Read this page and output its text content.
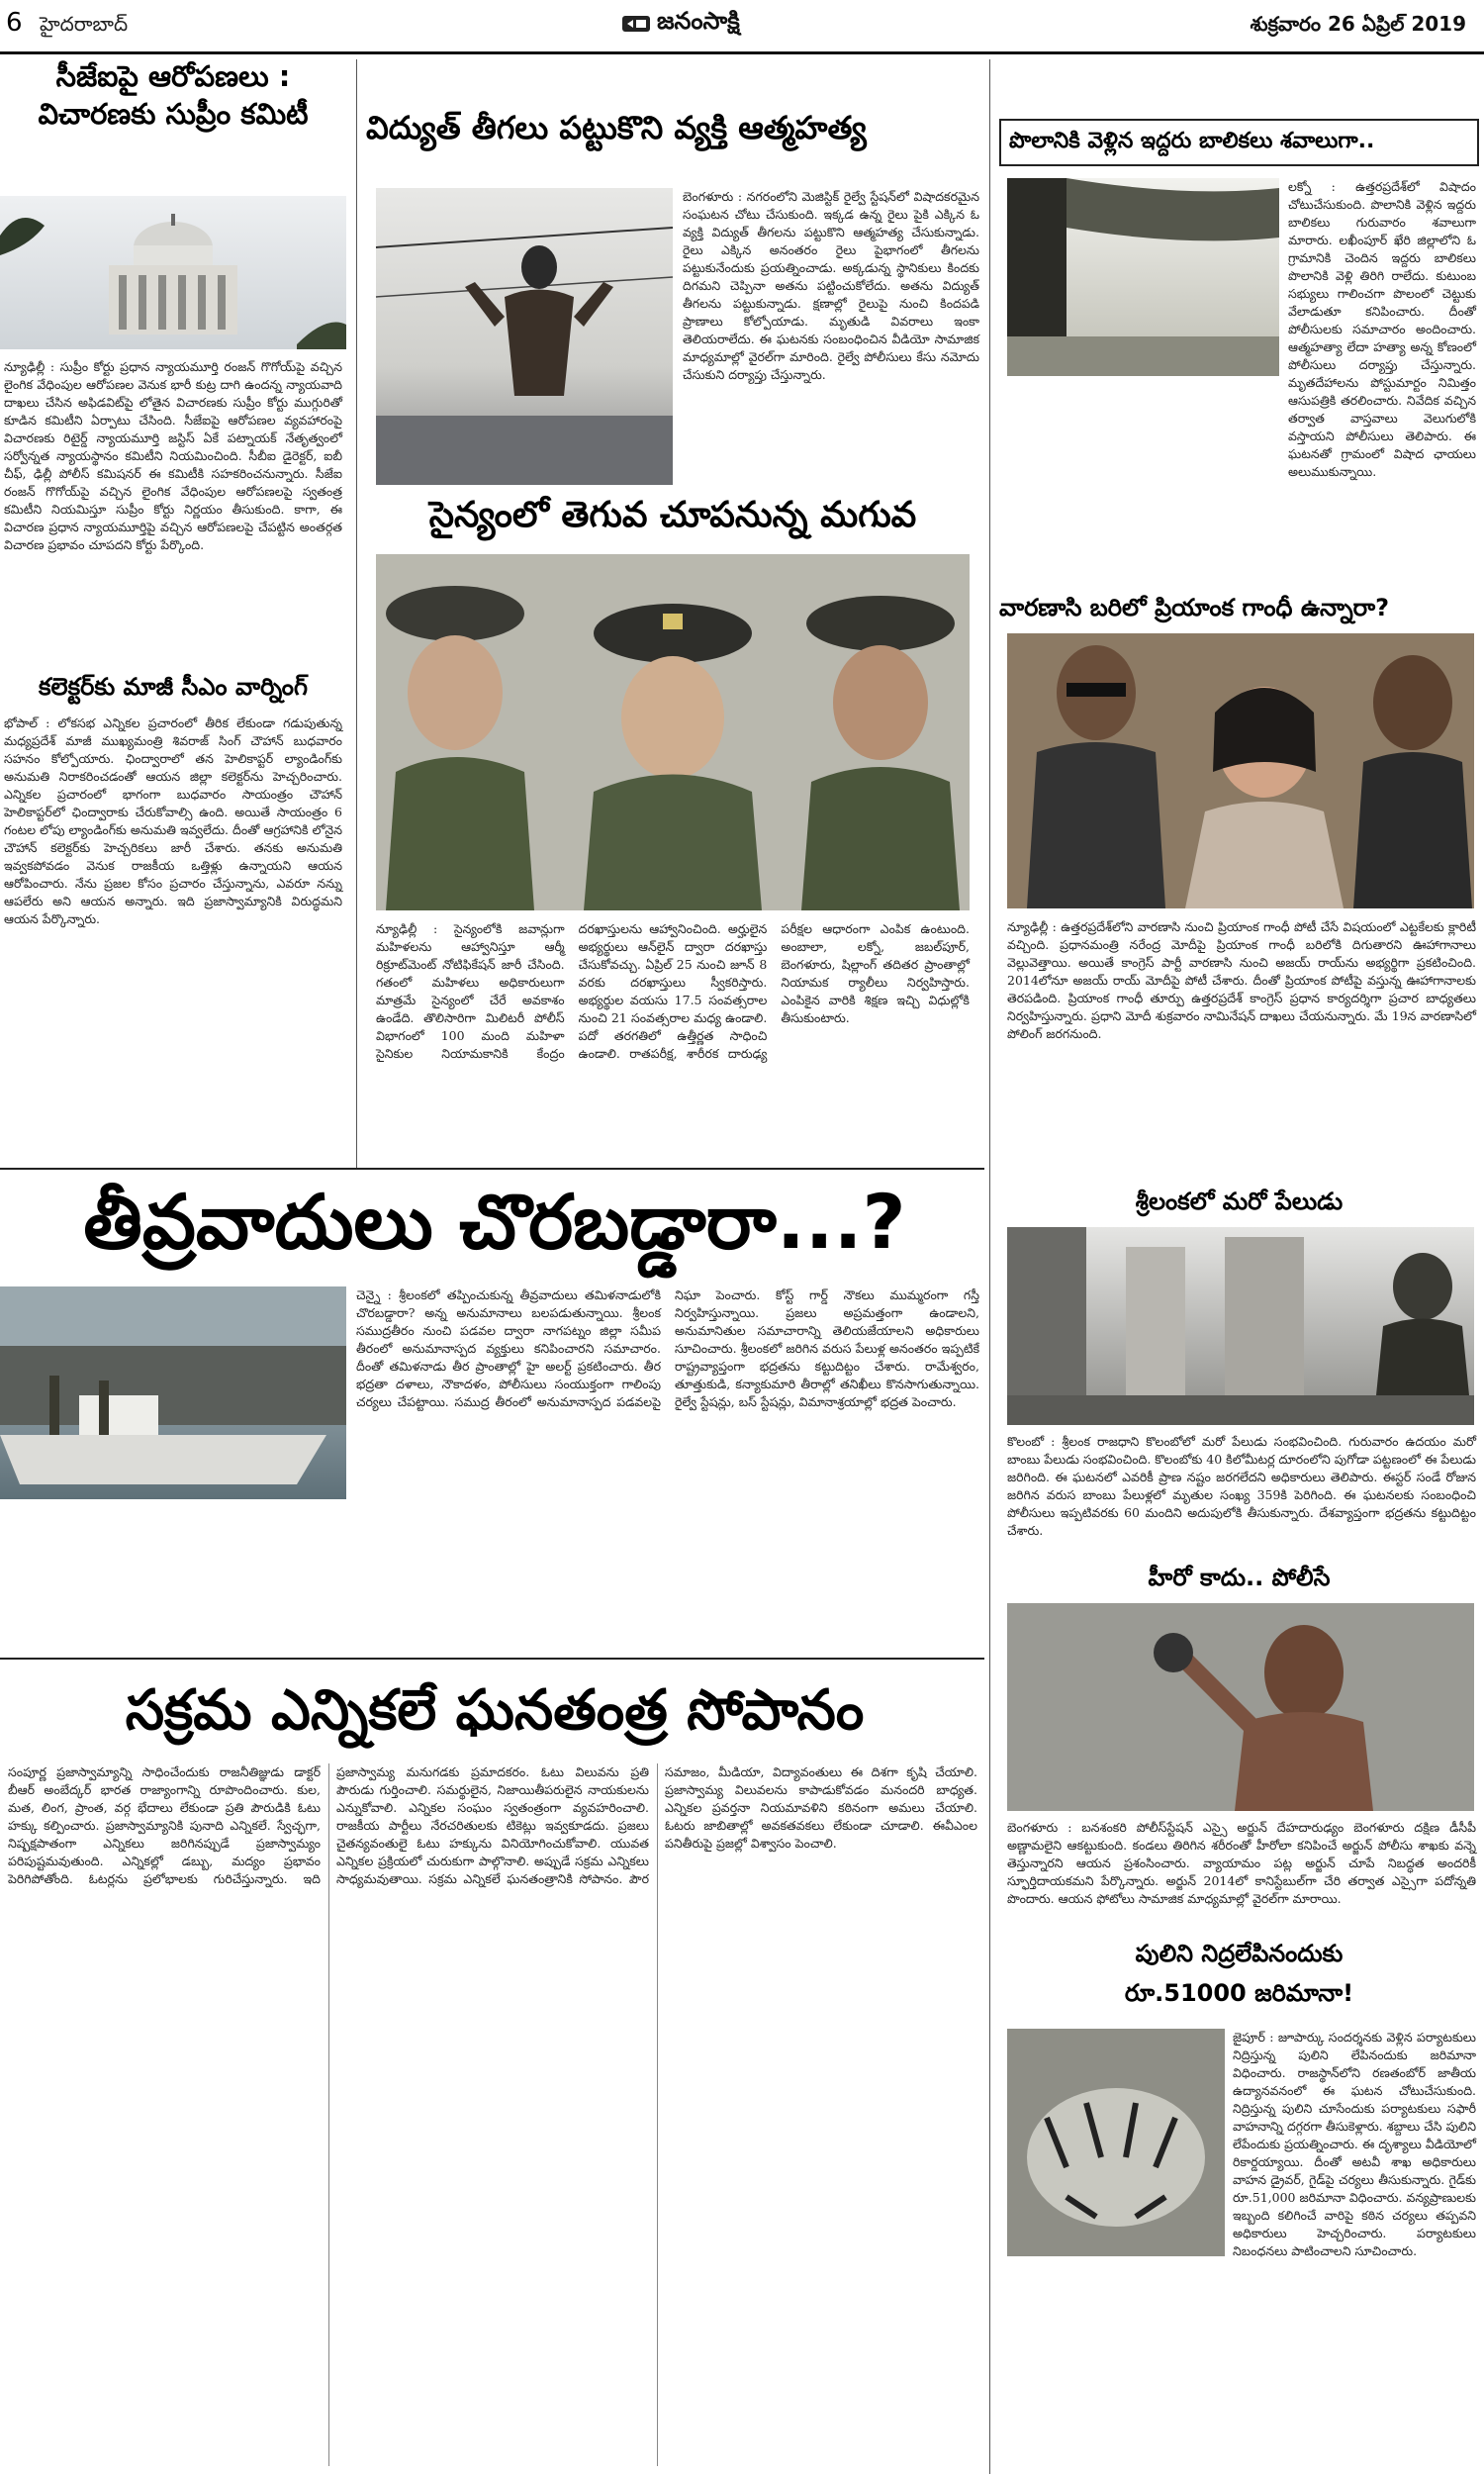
6 హైదరాబాద్	జనంసాక్షి	శుక్రవారం 26 ఏప్రిల్ 2019
సీజేఐపై ఆరోపణలు :
విచారణకు సుప్రీం కమిటీ
న్యూఢిల్లీ : సుప్రీం కోర్టు ప్రధాన న్యాయమూర్తి రంజన్ గొగోయ్‌పై వచ్చిన లైంగిక వేధింపుల ఆరోపణల వెనుక భారీ కుట్ర దాగి ఉందన్న న్యాయవాది దాఖలు చేసిన అఫిడవిట్‌పై లోతైన విచారణకు సుప్రీం కోర్టు ముగ్గురితో కూడిన కమిటీని ఏర్పాటు చేసింది. సీజేఐపై ఆరోపణల వ్యవహారంపై విచారణకు రిటైర్డ్ న్యాయమూర్తి జస్టిస్ ఏకే పట్నాయక్ నేతృత్వంలో సర్వోన్నత న్యాయస్థానం కమిటీని నియమించింది. సీబీఐ డైరెక్టర్, ఐబీ చీఫ్, ఢిల్లీ పోలీస్ కమిషనర్ ఈ కమిటీకి సహకరించనున్నారు. సీజేఐ రంజన్ గొగోయ్‌పై వచ్చిన లైంగిక వేధింపుల ఆరోపణలపై స్వతంత్ర కమిటీని నియమిస్తూ సుప్రీం కోర్టు నిర్ణయం తీసుకుంది. కాగా, ఈ విచారణ ప్రధాన న్యాయమూర్తిపై వచ్చిన ఆరోపణలపై చేపట్టిన అంతర్గత విచారణ ప్రభావం చూపదని కోర్టు పేర్కొంది.
కలెక్టర్‌కు మాజీ సీఎం వార్నింగ్
భోపాల్ : లోకసభ ఎన్నికల ప్రచారంలో తీరిక లేకుండా గడుపుతున్న మధ్యప్రదేశ్ మాజీ ముఖ్యమంత్రి శివరాజ్ సింగ్ చౌహాన్ బుధవారం సహనం కోల్పోయారు. ఛింద్వారాలో తన హెలికాప్టర్ ల్యాండింగ్‌కు అనుమతి నిరాకరించడంతో ఆయన జిల్లా కలెక్టర్‌ను హెచ్చరించారు. ఎన్నికల ప్రచారంలో భాగంగా బుధవారం సాయంత్రం చౌహాన్ హెలికాప్టర్‌లో ఛింద్వారాకు చేరుకోవాల్సి ఉంది. అయితే సాయంత్రం 6 గంటల లోపు ల్యాండింగ్‌కు అనుమతి ఇవ్వలేదు. దీంతో ఆగ్రహానికి లోనైన చౌహాన్ కలెక్టర్‌కు హెచ్చరికలు జారీ చేశారు. తనకు అనుమతి ఇవ్వకపోవడం వెనుక రాజకీయ ఒత్తిళ్లు ఉన్నాయని ఆయన ఆరోపించారు. నేను ప్రజల కోసం ప్రచారం చేస్తున్నాను, ఎవరూ నన్ను ఆపలేరు అని ఆయన అన్నారు. ఇది ప్రజాస్వామ్యానికి విరుద్ధమని ఆయన పేర్కొన్నారు.
విద్యుత్ తీగలు పట్టుకొని వ్యక్తి ఆత్మహత్య
బెంగళూరు : నగరంలోని మెజిస్టిక్ రైల్వే స్టేషన్‌లో విషాదకరమైన సంఘటన చోటు చేసుకుంది. ఇక్కడ ఉన్న రైలు పైకి ఎక్కిన ఓ వ్యక్తి విద్యుత్ తీగలను పట్టుకొని ఆత్మహత్య చేసుకున్నాడు. రైలు ఎక్కిన అనంతరం రైలు పైభాగంలో తీగలను పట్టుకునేందుకు ప్రయత్నించాడు. అక్కడున్న స్థానికులు కిందకు దిగమని చెప్పినా అతను పట్టించుకోలేదు. అతను విద్యుత్ తీగలను పట్టుకున్నాడు. క్షణాల్లో రైలుపై నుంచి కిందపడి ప్రాణాలు కోల్పోయాడు. మృతుడి వివరాలు ఇంకా తెలియరాలేదు. ఈ ఘటనకు సంబంధించిన వీడియో సామాజిక మాధ్యమాల్లో వైరల్‌గా మారింది. రైల్వే పోలీసులు కేసు నమోదు చేసుకుని దర్యాప్తు చేస్తున్నారు.
సైన్యంలో తెగువ చూపనున్న మగువ
న్యూఢిల్లీ : సైన్యంలోకి జవాన్లుగా మహిళలను ఆహ్వానిస్తూ ఆర్మీ రిక్రూట్‌మెంట్ నోటిఫికేషన్ జారీ చేసింది. గతంలో మహిళలు అధికారులుగా మాత్రమే సైన్యంలో చేరే అవకాశం ఉండేది. తొలిసారిగా మిలిటరీ పోలీస్ విభాగంలో 100 మంది మహిళా సైనికుల నియామకానికి కేంద్రం దరఖాస్తులను ఆహ్వానించింది. అర్హులైన అభ్యర్థులు ఆన్‌లైన్ ద్వారా దరఖాస్తు చేసుకోవచ్చు. ఏప్రిల్ 25 నుంచి జూన్ 8 వరకు దరఖాస్తులు స్వీకరిస్తారు. అభ్యర్థుల వయసు 17.5 సంవత్సరాల నుంచి 21 సంవత్సరాల మధ్య ఉండాలి. పదో తరగతిలో ఉత్తీర్ణత సాధించి ఉండాలి. రాతపరీక్ష, శారీరక దారుఢ్య పరీక్షల ఆధారంగా ఎంపిక ఉంటుంది. అంబాలా, లక్నో, జబల్‌పూర్, బెంగళూరు, షిల్లాంగ్ తదితర ప్రాంతాల్లో నియామక ర్యాలీలు నిర్వహిస్తారు. ఎంపికైన వారికి శిక్షణ ఇచ్చి విధుల్లోకి తీసుకుంటారు.
పొలానికి వెళ్లిన ఇద్దరు బాలికలు శవాలుగా..
లక్నో : ఉత్తరప్రదేశ్‌లో విషాదం చోటుచేసుకుంది. పొలానికి వెళ్లిన ఇద్దరు బాలికలు గురువారం శవాలుగా మారారు. లఖీంపూర్ ఖేరి జిల్లాలోని ఓ గ్రామానికి చెందిన ఇద్దరు బాలికలు పొలానికి వెళ్లి తిరిగి రాలేదు. కుటుంబ సభ్యులు గాలించగా పొలంలో చెట్టుకు వేలాడుతూ కనిపించారు. దీంతో పోలీసులకు సమాచారం అందించారు. ఆత్మహత్యా లేదా హత్యా అన్న కోణంలో పోలీసులు దర్యాప్తు చేస్తున్నారు. మృతదేహాలను పోస్టుమార్టం నిమిత్తం ఆసుపత్రికి తరలించారు. నివేదిక వచ్చిన తర్వాత వాస్తవాలు వెలుగులోకి వస్తాయని పోలీసులు తెలిపారు. ఈ ఘటనతో గ్రామంలో విషాద ఛాయలు అలుముకున్నాయి.
వారణాసి బరిలో ప్రియాంక గాంధీ ఉన్నారా?
న్యూఢిల్లీ : ఉత్తరప్రదేశ్‌లోని వారణాసి నుంచి ప్రియాంక గాంధీ పోటీ చేసే విషయంలో ఎట్టకేలకు క్లారిటీ వచ్చింది. ప్రధానమంత్రి నరేంద్ర మోదీపై ప్రియాంక గాంధీ బరిలోకి దిగుతారని ఊహాగానాలు వెల్లువెత్తాయి. అయితే కాంగ్రెస్ పార్టీ వారణాసి నుంచి అజయ్ రాయ్‌ను అభ్యర్థిగా ప్రకటించింది. 2014లోనూ అజయ్ రాయ్ మోదీపై పోటీ చేశారు. దీంతో ప్రియాంక పోటీపై వస్తున్న ఊహాగానాలకు తెరపడింది. ప్రియాంక గాంధీ తూర్పు ఉత్తరప్రదేశ్ కాంగ్రెస్ ప్రధాన కార్యదర్శిగా ప్రచార బాధ్యతలు నిర్వహిస్తున్నారు. ప్రధాని మోదీ శుక్రవారం నామినేషన్ దాఖలు చేయనున్నారు. మే 19న వారణాసిలో పోలింగ్ జరగనుంది.
శ్రీలంకలో మరో పేలుడు
కొలంబో : శ్రీలంక రాజధాని కొలంబోలో మరో పేలుడు సంభవించింది. గురువారం ఉదయం మరో బాంబు పేలుడు సంభవించింది. కొలంబోకు 40 కిలోమీటర్ల దూరంలోని పుగోడా పట్టణంలో ఈ పేలుడు జరిగింది. ఈ ఘటనలో ఎవరికీ ప్రాణ నష్టం జరగలేదని అధికారులు తెలిపారు. ఈస్టర్ సండే రోజున జరిగిన వరుస బాంబు పేలుళ్లలో మృతుల సంఖ్య 359కి పెరిగింది. ఈ ఘటనలకు సంబంధించి పోలీసులు ఇప్పటివరకు 60 మందిని అదుపులోకి తీసుకున్నారు. దేశవ్యాప్తంగా భద్రతను కట్టుదిట్టం చేశారు.
హీరో కాదు.. పోలీసే
బెంగళూరు : బనశంకరి పోలీస్‌స్టేషన్ ఎస్సై అర్జున్ దేహదారుఢ్యం బెంగళూరు దక్షిణ డీసీపీ అణ్ణామలైని ఆకట్టుకుంది. కండలు తిరిగిన శరీరంతో హీరోలా కనిపించే అర్జున్ పోలీసు శాఖకు వన్నె తెస్తున్నారని ఆయన ప్రశంసించారు. వ్యాయామం పట్ల అర్జున్ చూపే నిబద్ధత అందరికీ స్ఫూర్తిదాయకమని పేర్కొన్నారు. అర్జున్ 2014లో కానిస్టేబుల్‌గా చేరి తర్వాత ఎస్సైగా పదోన్నతి పొందారు. ఆయన ఫోటోలు సామాజిక మాధ్యమాల్లో వైరల్‌గా మారాయి.
పులిని నిద్రలేపినందుకు
రూ.51000 జరిమానా!
జైపూర్ : జూపార్కు సందర్శనకు వెళ్లిన పర్యాటకులు నిద్రిస్తున్న పులిని లేపినందుకు జరిమానా విధించారు. రాజస్థాన్‌లోని రణతంబోర్ జాతీయ ఉద్యానవనంలో ఈ ఘటన చోటుచేసుకుంది. నిద్రిస్తున్న పులిని చూసేందుకు పర్యాటకులు సఫారీ వాహనాన్ని దగ్గరగా తీసుకెళ్లారు. శబ్దాలు చేసి పులిని లేపేందుకు ప్రయత్నించారు. ఈ దృశ్యాలు వీడియోలో రికార్డయ్యాయి. దీంతో అటవీ శాఖ అధికారులు వాహన డ్రైవర్, గైడ్‌పై చర్యలు తీసుకున్నారు. గైడ్‌కు రూ.51,000 జరిమానా విధించారు. వన్యప్రాణులకు ఇబ్బంది కలిగించే వారిపై కఠిన చర్యలు తప్పవని అధికారులు హెచ్చరించారు. పర్యాటకులు నిబంధనలు పాటించాలని సూచించారు.
తీవ్రవాదులు చొరబడ్డారా...?
చెన్నై : శ్రీలంకలో తప్పించుకున్న తీవ్రవాదులు తమిళనాడులోకి చొరబడ్డారా? అన్న అనుమానాలు బలపడుతున్నాయి. శ్రీలంక సముద్రతీరం నుంచి పడవల ద్వారా నాగపట్నం జిల్లా సమీప తీరంలో అనుమానాస్పద వ్యక్తులు కనిపించారని సమాచారం. దీంతో తమిళనాడు తీర ప్రాంతాల్లో హై అలర్ట్ ప్రకటించారు. తీర భద్రతా దళాలు, నౌకాదళం, పోలీసులు సంయుక్తంగా గాలింపు చర్యలు చేపట్టాయి. సముద్ర తీరంలో అనుమానాస్పద పడవలపై నిఘా పెంచారు. కోస్ట్ గార్డ్ నౌకలు ముమ్మరంగా గస్తీ నిర్వహిస్తున్నాయి. ప్రజలు అప్రమత్తంగా ఉండాలని, అనుమానితుల సమాచారాన్ని తెలియజేయాలని అధికారులు సూచించారు. శ్రీలంకలో జరిగిన వరుస పేలుళ్ల అనంతరం ఇప్పటికే రాష్ట్రవ్యాప్తంగా భద్రతను కట్టుదిట్టం చేశారు. రామేశ్వరం, తూత్తుకుడి, కన్యాకుమారి తీరాల్లో తనిఖీలు కొనసాగుతున్నాయి. రైల్వే స్టేషన్లు, బస్ స్టేషన్లు, విమానాశ్రయాల్లో భద్రత పెంచారు.
సక్రమ ఎన్నికలే ఘనతంత్ర సోపానం
సంపూర్ణ ప్రజాస్వామ్యాన్ని సాధించేందుకు రాజనీతిజ్ఞుడు డాక్టర్ బీఆర్ అంబేద్కర్ భారత రాజ్యాంగాన్ని రూపొందించారు. కుల, మత, లింగ, ప్రాంత, వర్గ భేదాలు లేకుండా ప్రతి పౌరుడికి ఓటు హక్కు కల్పించారు. ప్రజాస్వామ్యానికి పునాది ఎన్నికలే. స్వేచ్ఛగా, నిష్పక్షపాతంగా ఎన్నికలు జరిగినప్పుడే ప్రజాస్వామ్యం పరిపుష్టమవుతుంది. ఎన్నికల్లో డబ్బు, మద్యం ప్రభావం పెరిగిపోతోంది. ఓటర్లను ప్రలోభాలకు గురిచేస్తున్నారు. ఇది ప్రజాస్వామ్య మనుగడకు ప్రమాదకరం. ఓటు విలువను ప్రతి పౌరుడు గుర్తించాలి. సమర్థులైన, నిజాయితీపరులైన నాయకులను ఎన్నుకోవాలి. ఎన్నికల సంఘం స్వతంత్రంగా వ్యవహరించాలి. రాజకీయ పార్టీలు నేరచరితులకు టికెట్లు ఇవ్వకూడదు. ప్రజలు చైతన్యవంతులై ఓటు హక్కును వినియోగించుకోవాలి. యువత ఎన్నికల ప్రక్రియలో చురుకుగా పాల్గొనాలి. అప్పుడే సక్రమ ఎన్నికలు సాధ్యమవుతాయి. సక్రమ ఎన్నికలే ఘనతంత్రానికి సోపానం. పౌర సమాజం, మీడియా, విద్యావంతులు ఈ దిశగా కృషి చేయాలి. ప్రజాస్వామ్య విలువలను కాపాడుకోవడం మనందరి బాధ్యత. ఎన్నికల ప్రవర్తనా నియమావళిని కఠినంగా అమలు చేయాలి. ఓటరు జాబితాల్లో అవకతవకలు లేకుండా చూడాలి. ఈవీఎంల పనితీరుపై ప్రజల్లో విశ్వాసం పెంచాలి.
